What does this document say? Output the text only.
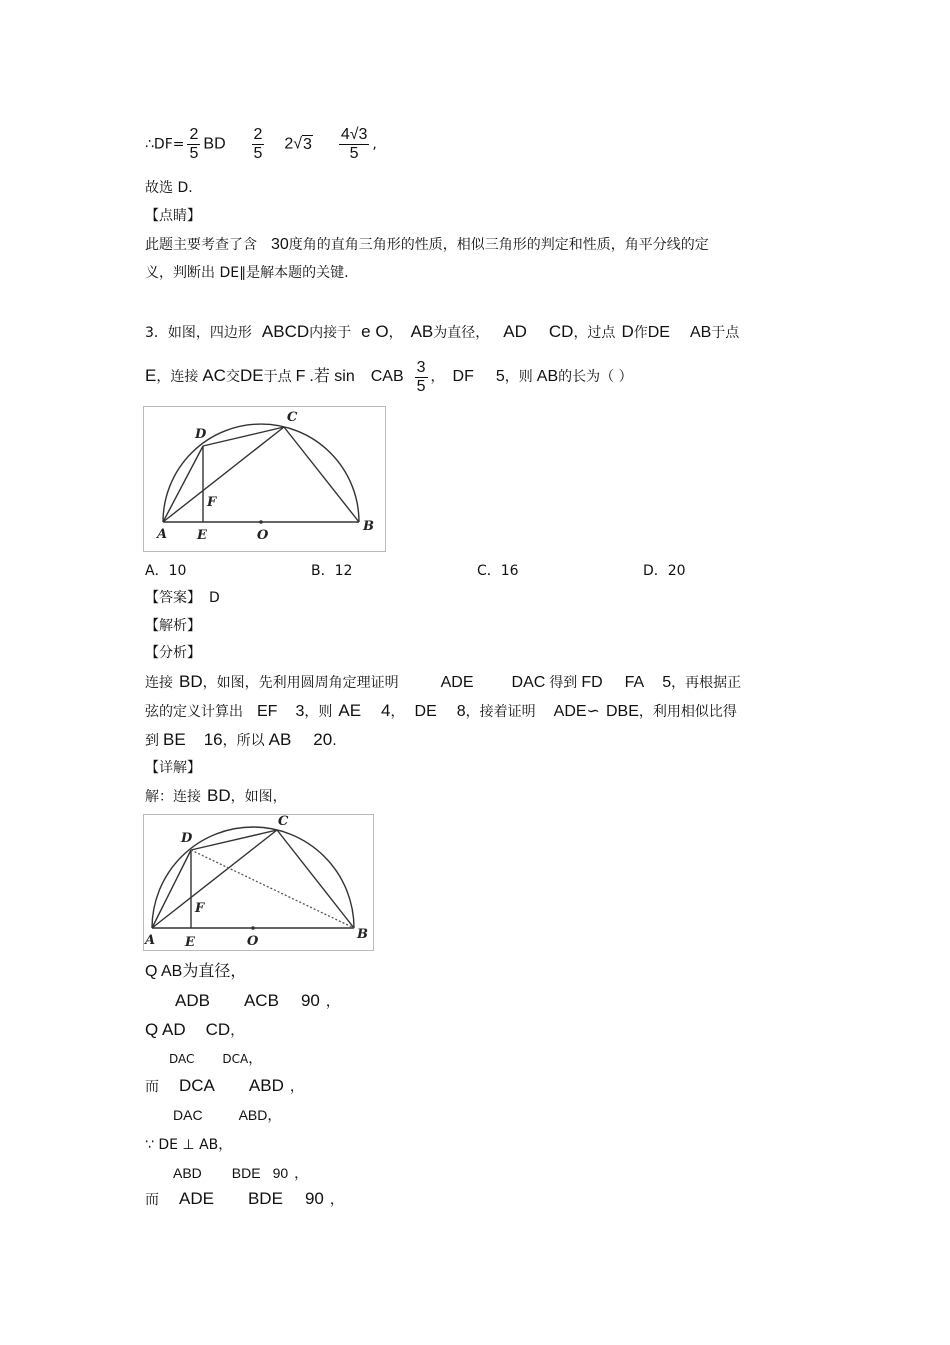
∴DF= $\frac{2}{5}$ BD $\frac{2}{5} 2√3 \frac{4√3}{5}$ ,
故选 D.
【点睛】
此题主要考查了含 30度角的直角三角形的性质，相似三角形的判定和性质，角平分线的定
义，判断出 DE∥是解本题的关键.
3．如图，四边形 ABCD内接于 e O， AB为直径， AD CD，过点 D作DE AB于点
E，连接 AC交DE于点 F .若 sin CAB $\frac{3}{5}$ ， DF 5，则 AB的长为（ ）
A E	O
B
D
C
F
A．10	B．12	C．16	D．20
【答案】 D
【解析】
【分析】
连接 BD，如图，先利用圆周角定理证明	ADE DAC 得到 FD FA 5，再根据正
弦的定义计算出 EF 3，则 AE 4， DE 8，接着证明 ADE∽ DBE，利用相似比得
到 BE 16，所以 AB 20.
【详解】
解：连接 BD，如图，
A E	O	B
D
C
F
Q AB为直径，
ADB ACB 90 ，
Q AD CD，
DAC DCA，
而 DCA ABD ，
DAC	ABD，
∵ DE ⊥ AB，
ABD BDE 90 ，
而 ADE BDE 90 ，
